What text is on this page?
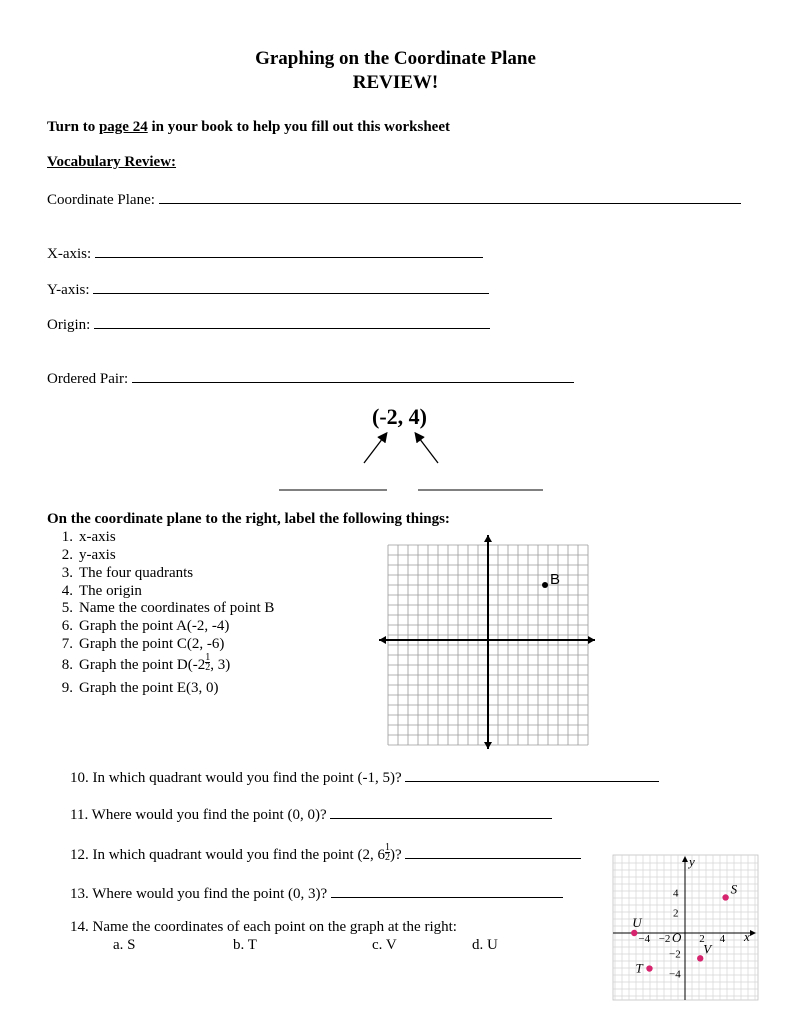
Graphing on the Coordinate Plane
REVIEW!
Turn to page 24 in your book to help you fill out this worksheet
Vocabulary Review:
Coordinate Plane:
X-axis:
Y-axis:
Origin:
Ordered Pair:
(-2, 4)
On the coordinate plane to the right, label the following things:
1. x-axis
2. y-axis
3. The four quadrants
4. The origin
5. Name the coordinates of point B
6. Graph the point A(-2, -4)
7. Graph the point C(2, -6)
8. Graph the point $D(-2 \frac{1}{2}$ , 3)
9. Graph the point E(3, 0)
B
10. In which quadrant would you find the point (-1, 5)?
11. Where would you find the point (0, 0)?
12. In which quadrant would you find the point (2, $6 \frac{1}{2}$ )?
13. Where would you find the point (0, 3)?
14. Name the coordinates of each point on the graph at the right:
a. S	b. T	c. V	d. U
x
y
O
−4 −2	2 4
4
2
−2
−4
S
T
U
V
